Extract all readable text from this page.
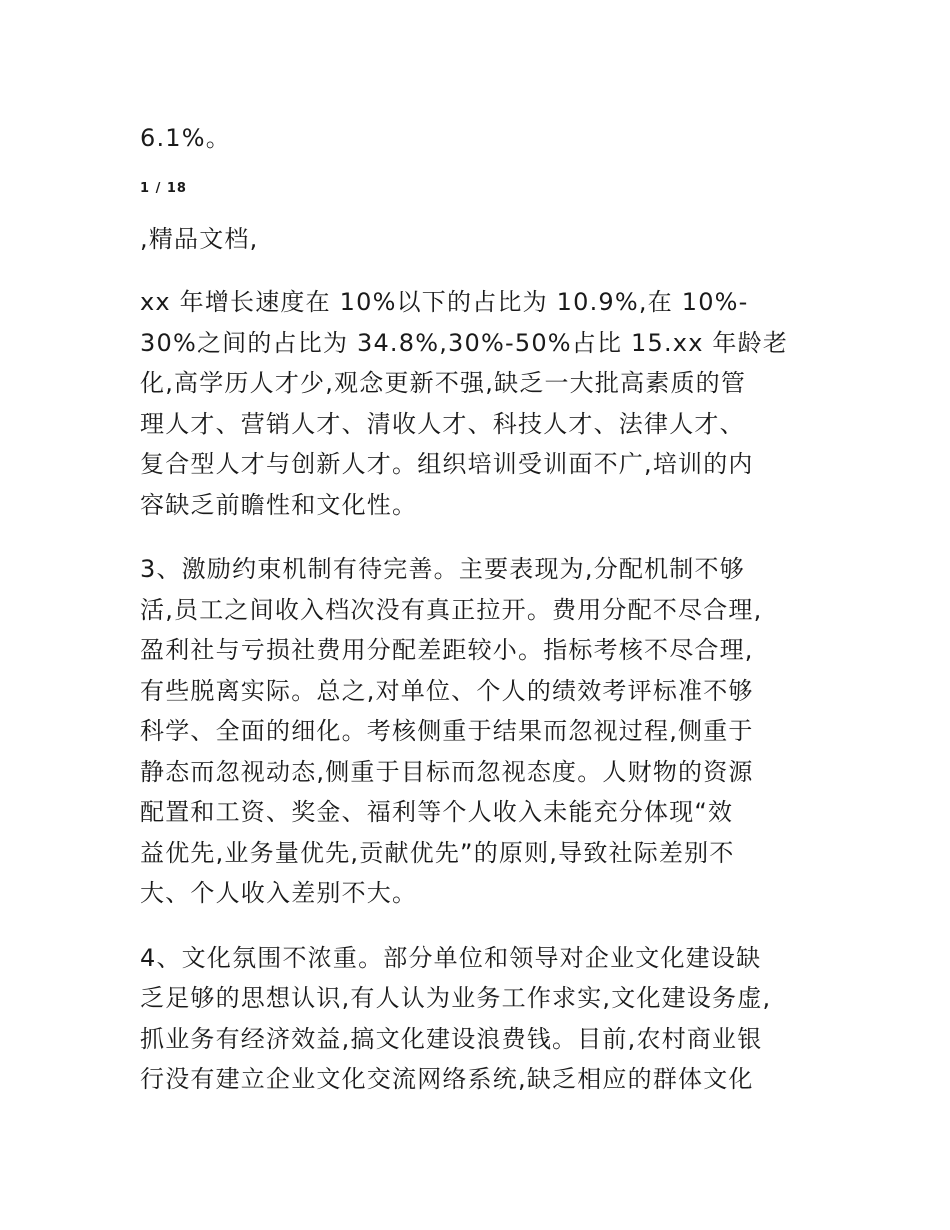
6.1%。

1 / 18

,精品文档,

xx 年增长速度在 10%以下的占比为 10.9%,在 10%-
30%之间的占比为 34.8%,30%-50%占比 15.xx 年龄老
化,高学历人才少,观念更新不强,缺乏一大批高素质的管
理人才、营销人才、清收人才、科技人才、法律人才、
复合型人才与创新人才。组织培训受训面不广,培训的内
容缺乏前瞻性和文化性。

3、激励约束机制有待完善。主要表现为,分配机制不够
活,员工之间收入档次没有真正拉开。费用分配不尽合理,
盈利社与亏损社费用分配差距较小。指标考核不尽合理,
有些脱离实际。总之,对单位、个人的绩效考评标准不够
科学、全面的细化。考核侧重于结果而忽视过程,侧重于
静态而忽视动态,侧重于目标而忽视态度。人财物的资源
配置和工资、奖金、福利等个人收入未能充分体现“效
益优先,业务量优先,贡献优先”的原则,导致社际差别不
大、个人收入差别不大。

4、文化氛围不浓重。部分单位和领导对企业文化建设缺
乏足够的思想认识,有人认为业务工作求实,文化建设务虚,
抓业务有经济效益,搞文化建设浪费钱。目前,农村商业银
行没有建立企业文化交流网络系统,缺乏相应的群体文化
